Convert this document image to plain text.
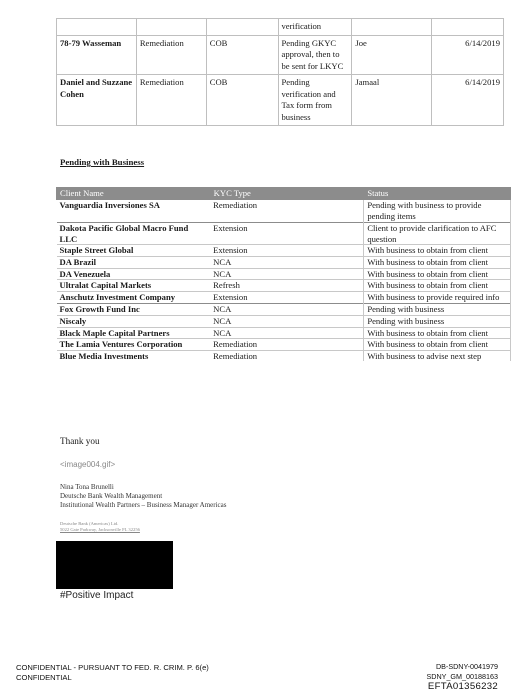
			verification		
78-79 Wasseman	Remediation	COB	Pending GKYC approval, then to be sent for LKYC	Joe	6/14/2019
Daniel and Suzzane Cohen	Remediation	COB	Pending verification and Tax form from business	Jamaal	6/14/2019
Pending with Business
Client Name	KYC Type	Status
Vanguardia Inversiones SA	Remediation	Pending with business to provide pending items
Dakota Pacific Global Macro Fund LLC	Extension	Client to provide clarification to AFC question
Staple Street Global	Extension	With business to obtain from client
DA Brazil	NCA	With business to obtain from client
DA Venezuela	NCA	With business to obtain from client
Ultralat Capital Markets	Refresh	With business to obtain from client
Anschutz Investment Company	Extension	With business to provide required info
Fox Growth Fund Inc	NCA	Pending with business
Niscaly	NCA	Pending with business
Black Maple Capital Partners	NCA	With business to obtain from client
The Lamia Ventures Corporation	Remediation	With business to obtain from client
Blue Media Investments	Remediation	With business to advise next step
Thank you
<image004.gif>
Nina Tona Brunelli
Deutsche Bank Wealth Management
Institutional Wealth Partners – Business Manager Americas
Deutsche Bank (Americas) Ltd.
5022 Gate Parkway, Jacksonville FL 32256
#Positive Impact
CONFIDENTIAL - PURSUANT TO FED. R. CRIM. P. 6(e)
CONFIDENTIAL
DB-SDNY-0041979
SDNY_GM_00188163
EFTA01356232
